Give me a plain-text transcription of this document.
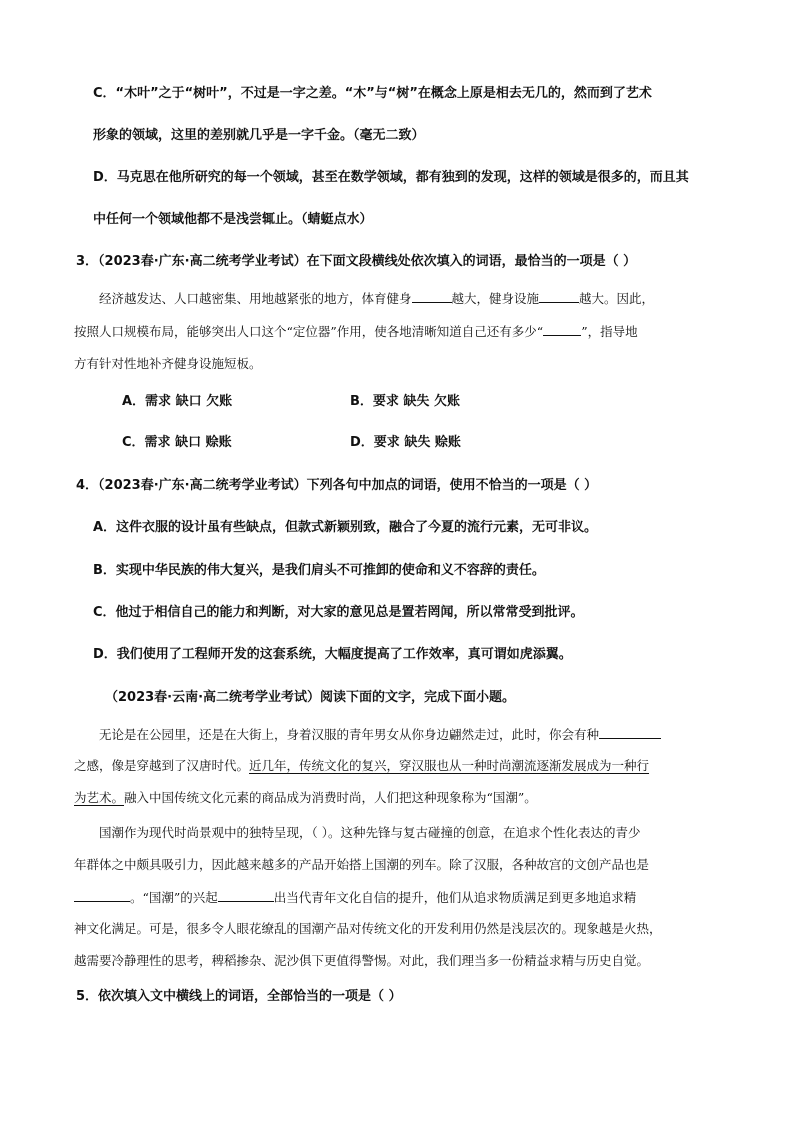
C．“木叶”之于“树叶”，不过是一字之差。“木”与“树”在概念上原是相去无几的，然而到了艺术
形象的领域，这里的差别就几乎是一字千金。（毫无二致）
D．马克思在他所研究的每一个领域，甚至在数学领域，都有独到的发现，这样的领域是很多的，而且其
中任何一个领域他都不是浅尝辄止。（蜻蜓点水）
3．（2023春·广东·高二统考学业考试）在下面文段横线处依次填入的词语，最恰当的一项是（ ）
经济越发达、人口越密集、用地越紧张的地方，体育健身	越大，健身设施	越大。因此，
按照人口规模布局，能够突出人口这个“定位器”作用，使各地清晰知道自己还有多少“	”，指导地
方有针对性地补齐健身设施短板。
A．需求 缺口 欠账	B．要求 缺失 欠账
C．需求 缺口 赊账	D．要求 缺失 赊账
4．（2023春·广东·高二统考学业考试）下列各句中加点的词语，使用不恰当的一项是（ ）
A．这件衣服的设计虽有些缺点，但款式新颖别致，融合了今夏的流行元素，无可非议。
B．实现中华民族的伟大复兴，是我们肩头不可推卸的使命和义不容辞的责任。
C．他过于相信自己的能力和判断，对大家的意见总是置若罔闻，所以常常受到批评。
D．我们使用了工程师开发的这套系统，大幅度提高了工作效率，真可谓如虎添翼。
（2023春·云南·高二统考学业考试）阅读下面的文字，完成下面小题。
无论是在公园里，还是在大街上，身着汉服的青年男女从你身边翩然走过，此时，你会有种
之感，像是穿越到了汉唐时代。近几年，传统文化的复兴，穿汉服也从一种时尚潮流逐渐发展成为一种行
为艺术。融入中国传统文化元素的商品成为消费时尚，人们把这种现象称为“国潮”。
国潮作为现代时尚景观中的独特呈现，（ ）。这种先锋与复古碰撞的创意，在追求个性化表达的青少
年群体之中颇具吸引力，因此越来越多的产品开始搭上国潮的列车。除了汉服，各种故宫的文创产品也是
。“国潮”的兴起	出当代青年文化自信的提升，他们从追求物质满足到更多地追求精
神文化满足。可是，很多令人眼花缭乱的国潮产品对传统文化的开发利用仍然是浅层次的。现象越是火热，
越需要冷静理性的思考，稗稻掺杂、泥沙俱下更值得警惕。对此，我们理当多一份精益求精与历史自觉。
5．依次填入文中横线上的词语，全部恰当的一项是（ ）
